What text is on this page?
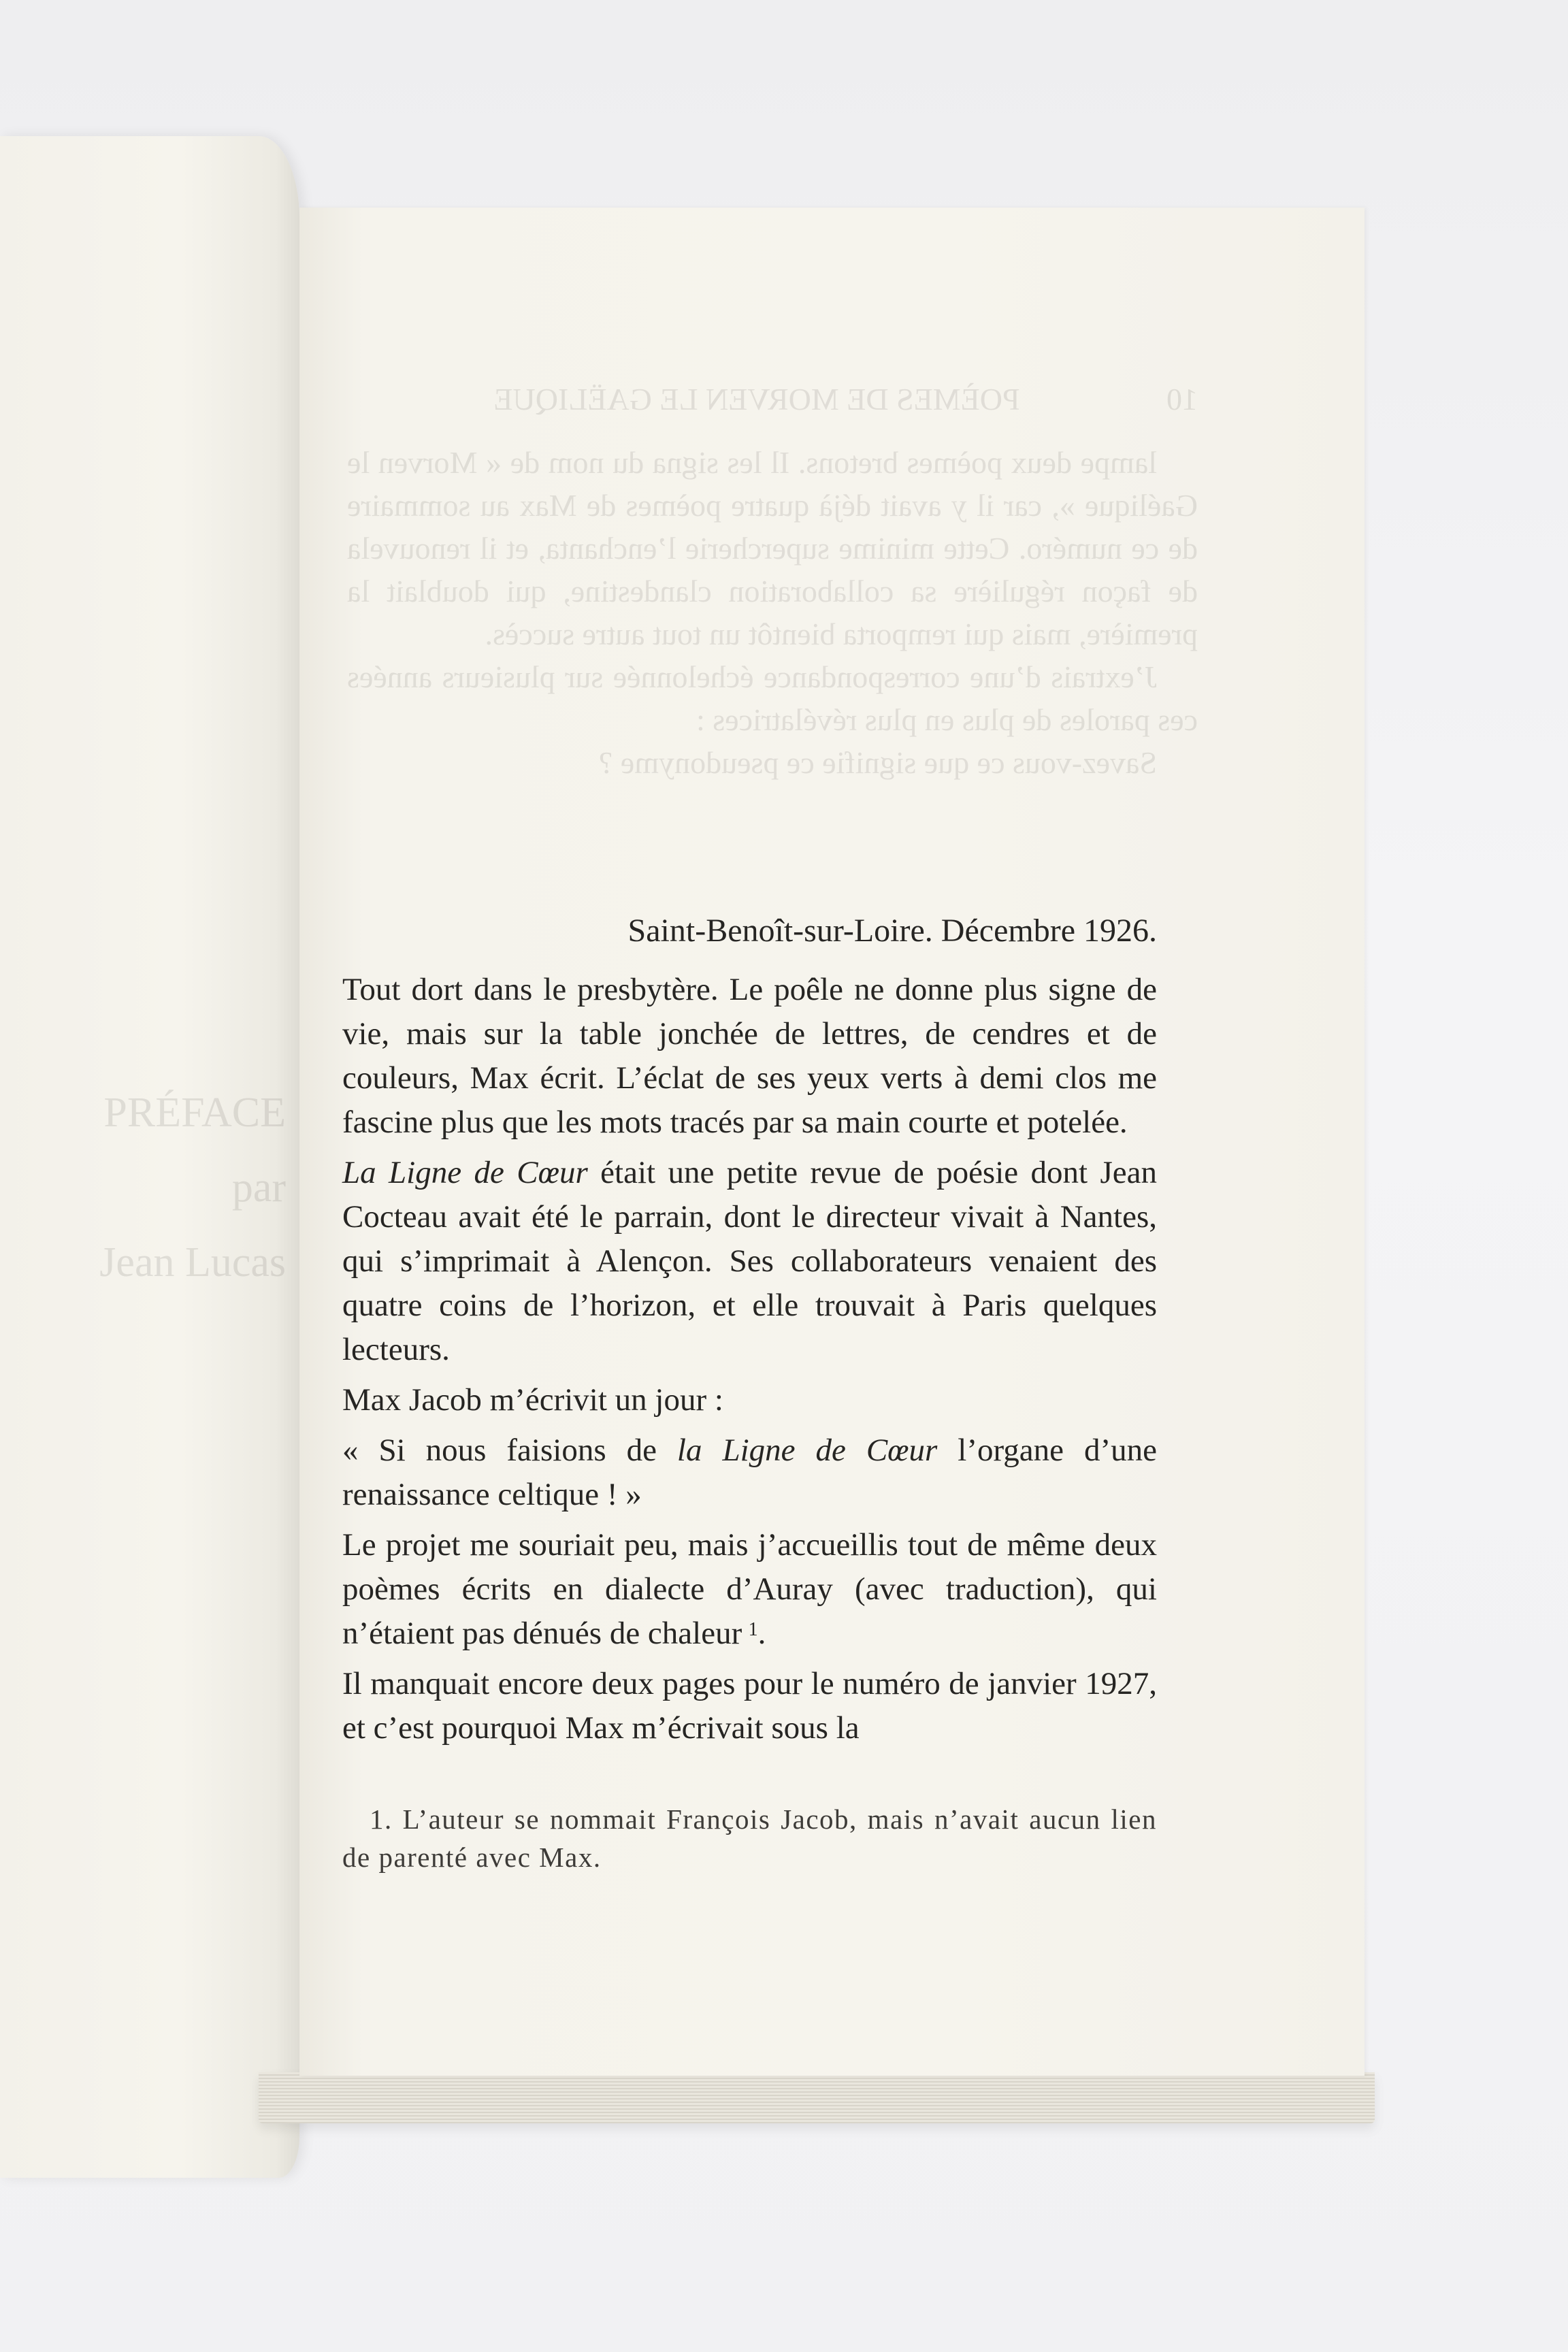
PRÉFACE
par
Jean Lucas
10
POÈMES DE MORVEN LE GAËLIQUE

lampe deux poèmes bretons. Il les signa du nom de « Morven le Gaélique », car il y avait déjà quatre poèmes de Max au sommaire de ce numéro. Cette minime supercherie l’enchanta, et il renouvela de façon régulière sa collaboration clandestine, qui doublait la première, mais qui remporta bientôt un tout autre succès.

J’extrais d’une correspondance échelonnée sur plusieurs années ces paroles de plus en plus révélatrices :

Savez-vous ce que signifie ce pseudonyme ?

Saint-Benoît-sur-Loire. Décembre 1926.

Tout dort dans le presbytère. Le poêle ne donne plus signe de vie, mais sur la table jonchée de lettres, de cendres et de couleurs, Max écrit. L’éclat de ses yeux verts à demi clos me fascine plus que les mots tracés par sa main courte et potelée.

La Ligne de Cœur était une petite revue de poésie dont Jean Cocteau avait été le parrain, dont le directeur vivait à Nantes, qui s’imprimait à Alençon. Ses collaborateurs venaient des quatre coins de l’horizon, et elle trouvait à Paris quelques lecteurs.

Max Jacob m’écrivit un jour :

« Si nous faisions de la Ligne de Cœur l’organe d’une renaissance celtique ! »

Le projet me souriait peu, mais j’accueillis tout de même deux poèmes écrits en dialecte d’Auray (avec traduction), qui n’étaient pas dénués de chaleur  $^1$.

Il manquait encore deux pages pour le numéro de janvier 1927, et c’est pourquoi Max m’écrivait sous la

1. L’auteur se nommait François Jacob, mais n’avait aucun lien de parenté avec Max.
